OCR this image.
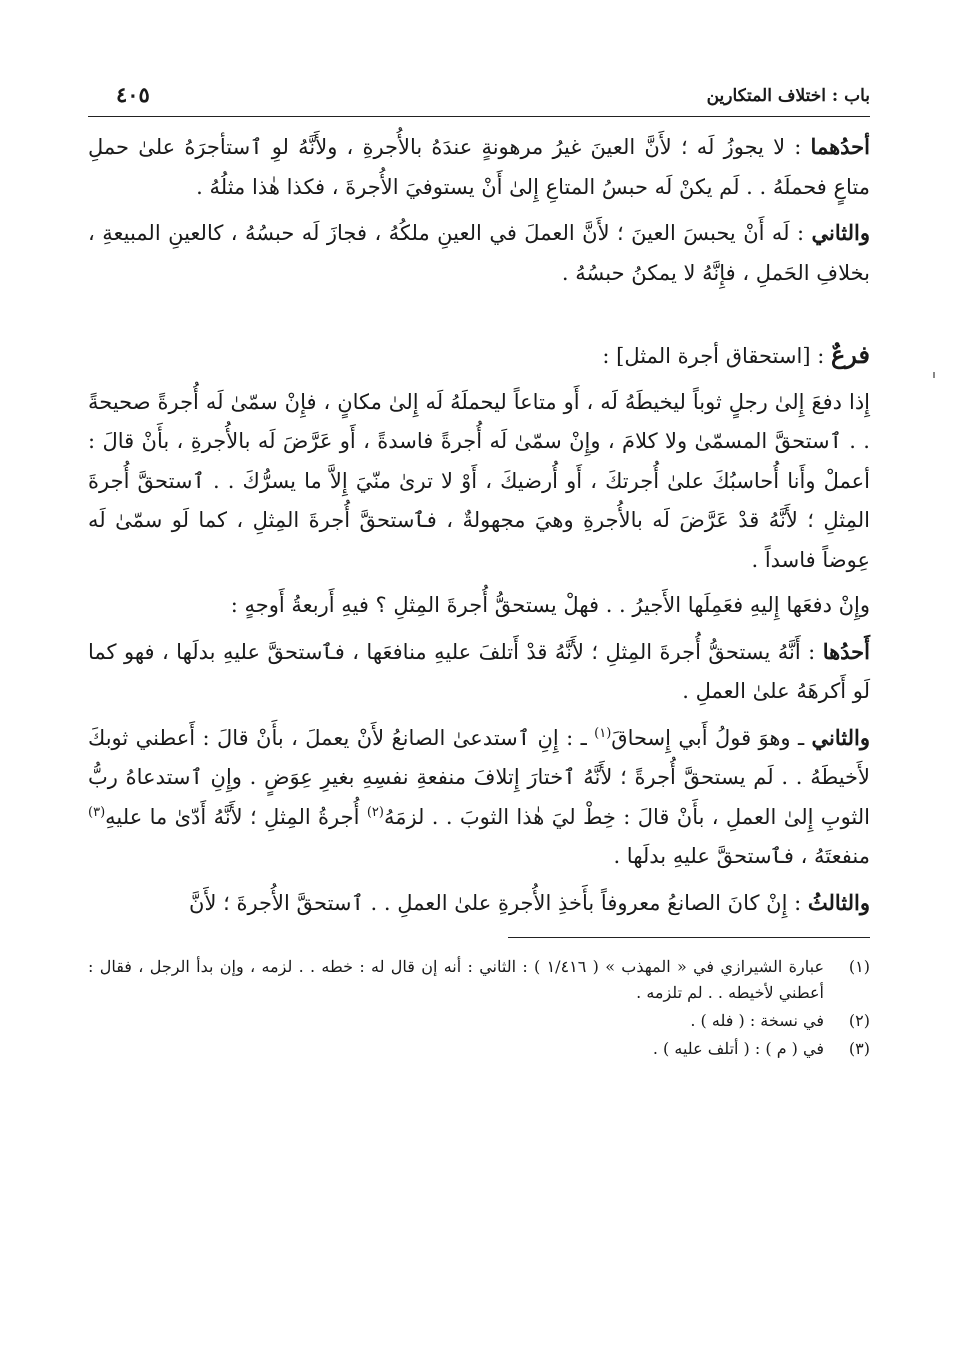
باب : اختلاف المتكارين
٤٠٥

أحدُهما : لا يجوزُ لَه ؛ لأَنَّ العينَ غيرُ مرهونةٍ عندَهُ بالأُجرةِ ، ولأَنَّهُ لوِ ٱستأجرَهُ علىٰ حملِ متاعٍ فحملَهُ . . لَم يكنْ لَه حبسُ المتاعِ إِلىٰ أَنْ يستوفيَ الأُجرةَ ، فكذا هٰذا مثلُهُ .

والثاني : لَه أَنْ يحبسَ العينَ ؛ لأَنَّ العملَ في العينِ ملكُهُ ، فجازَ لَه حبسُهُ ، كالعينِ المبيعةِ ، بخلافِ الحَملِ ، فإِنَّهُ لا يمكنُ حبسُهُ .

فرعٌ : [استحقاق أجرة المثل] :

إِذا دفعَ إِلىٰ رجلٍ ثوباً ليخيطَهُ لَه ، أَو متاعاً ليحملَهُ لَه إِلىٰ مكانٍ ، فإِنْ سمّىٰ لَه أُجرةً صحيحةً . . ٱستحقَّ المسمّىٰ ولا كلامَ ، وإِنْ سمّىٰ لَه أُجرةً فاسدةً ، أَو عَرَّضَ لَه بالأُجرةِ ، بأَنْ قالَ : أعملْ وأَنا أُحاسبُكَ علىٰ أُجرتكَ ، أَو أُرضيكَ ، أَوْ لا ترىٰ منّيَ إِلاَّ ما يسرُّكَ . . ٱستحقَّ أُجرةَ المِثلِ ؛ لأَنَّهُ قدْ عَرَّضَ لَه بالأُجرةِ وهيَ مجهولةٌ ، فٱستحقَّ أُجرةَ المِثلِ ، كما لَو سمّىٰ لَه عِوضاً فاسداً .

وإِنْ دفعَها إِليهِ فعَمِلَها الأَجيرُ . . فهلْ يستحقُّ أُجرةَ المِثلِ ؟ فيهِ أَربعةُ أَوجهٍ :

أَحدُها : أَنَّهُ يستحقُّ أُجرةَ المِثلِ ؛ لأَنَّهُ قدْ أَتلفَ عليهِ منافعَها ، فٱستحقَّ عليهِ بدلَها ، فهو كما لَو أَكرهَهُ علىٰ العملِ .

والثاني ـ وهوَ قولُ أَبي إِسحاقَ$^{(١)}$ ـ : إِنِ ٱستدعىٰ الصانعُ لأَنْ يعملَ ، بأَنْ قالَ : أَعطني ثوبكَ لأَخيطَهُ . . لَم يستحقَّ أُجرةً ؛ لأَنَّهُ ٱختارَ إِتلافَ منفعةِ نفسِهِ بغيرِ عِوَضٍ . وإِنِ ٱستدعاهُ ربُّ الثوبِ إِلىٰ العملِ ، بأَنْ قالَ : خِطْ ليَ هٰذا الثوبَ . . لزمَهُ$^{(٢)}$ أُجرةُ المِثلِ ؛ لأَنَّهُ أَدّىٰ ما عليهِ$^{(٣)}$ منفعتَهُ ، فٱستحقَّ عليهِ بدلَها .

والثالثُ : إِنْ كانَ الصانعُ معروفاً بأَخذِ الأُجرةِ علىٰ العملِ . . ٱستحقَّ الأُجرةَ ؛ لأَنَّ

(١)
عبارة الشيرازي في « المهذب » ( ١/٤١٦ ) : الثاني : أنه إن قال له : خطه . . لزمه ، وإن بدأ الرجل ، فقال : أعطني لأخيطه . . لم تلزمه .
(٢)
في نسخة : ( فله ) .
(٣)
في ( م ) : ( أتلف عليه ) .
